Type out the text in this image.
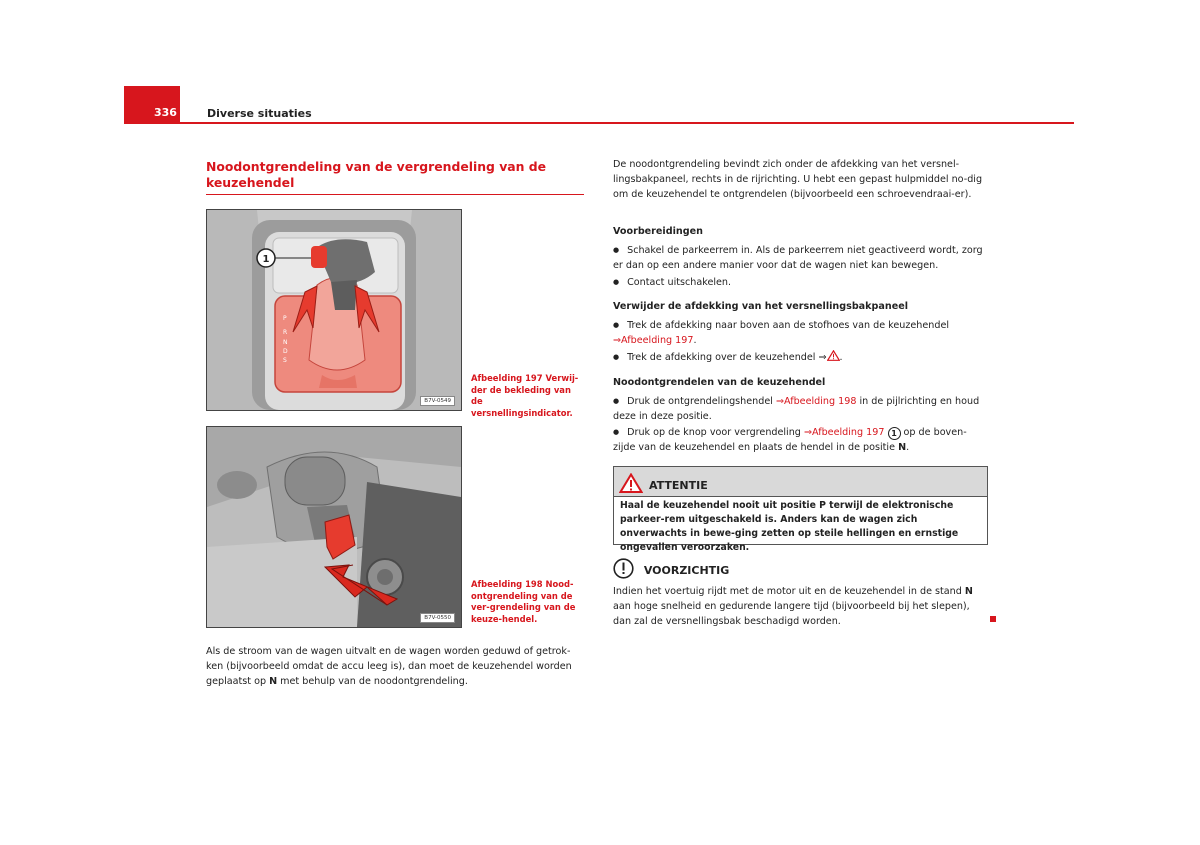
336	Diverse situaties
Noodontgrendeling van de vergrendeling van de keuzehendel
1
P
R
N
D
S
B7V-0549
Afbeelding 197 Verwij-der de bekleding van de versnellingsindicator.
B7V-0550
Afbeelding 198 Nood-ontgrendeling van de ver-grendeling van de keuze-hendel.
Als de stroom van de wagen uitvalt en de wagen worden geduwd of getrok-ken (bijvoorbeeld omdat de accu leeg is), dan moet de keuzehendel worden geplaatst op N met behulp van de noodontgrendeling.
De noodontgrendeling bevindt zich onder de afdekking van het versnel-lingsbakpaneel, rechts in de rijrichting. U hebt een gepast hulpmiddel no-dig om de keuzehendel te ontgrendelen (bijvoorbeeld een schroevendraai-er).
Voorbereidingen
● Schakel de parkeerrem in. Als de parkeerrem niet geactiveerd wordt, zorg er dan op een andere manier voor dat de wagen niet kan bewegen.
● Contact uitschakelen.
Verwijder de afdekking van het versnellingsbakpaneel
● Trek de afdekking naar boven aan de stofhoes van de keuzehendel
⇒Afbeelding 197.
● Trek de afdekking over de keuzehendel ⇒ .
Noodontgrendelen van de keuzehendel
● Druk de ontgrendelingshendel ⇒Afbeelding 198 in de pijlrichting en houd deze in deze positie.
● Druk op de knop voor vergrendeling ⇒Afbeelding 197 1 op de boven-zijde van de keuzehendel en plaats de hendel in de positie N.
ATTENTIE
Haal de keuzehendel nooit uit positie P terwijl de elektronische parkeer-rem uitgeschakeld is. Anders kan de wagen zich onverwachts in bewe-ging zetten op steile hellingen en ernstige ongevallen veroorzaken.
VOORZICHTIG
Indien het voertuig rijdt met de motor uit en de keuzehendel in de stand N aan hoge snelheid en gedurende langere tijd (bijvoorbeeld bij het slepen), dan zal de versnellingsbak beschadigd worden.
